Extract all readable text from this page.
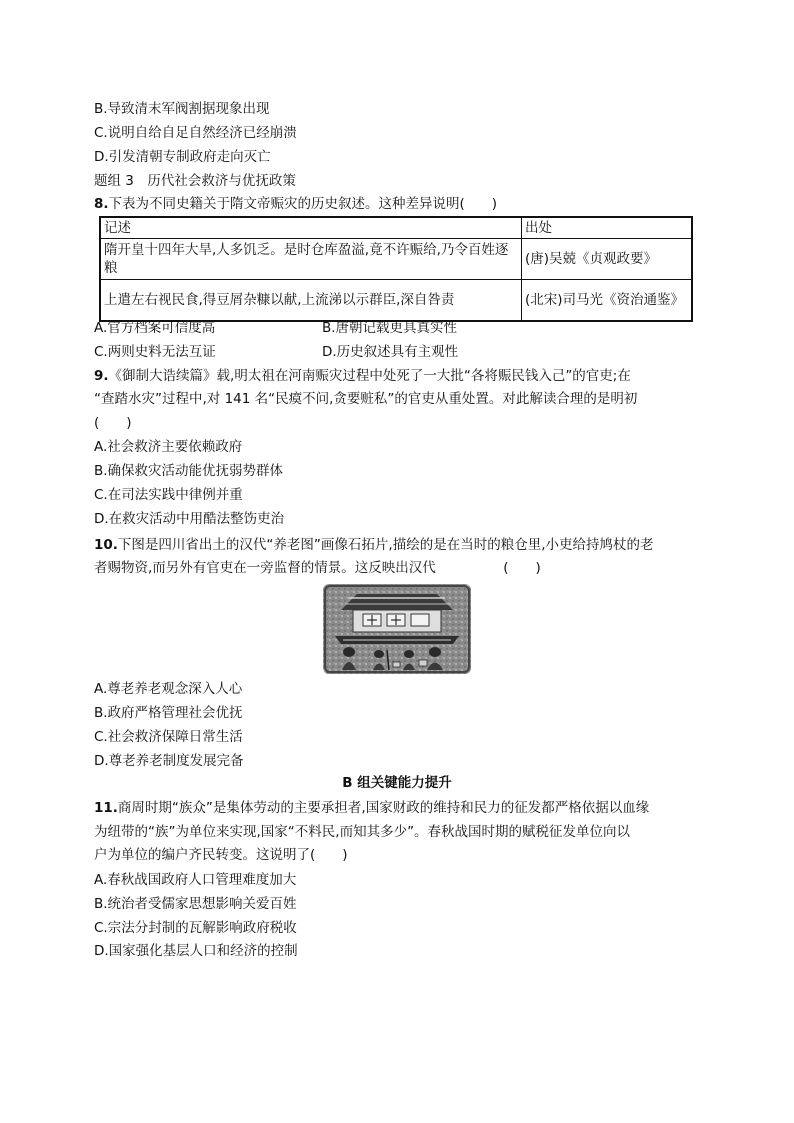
B.导致清末军阀割据现象出现
C.说明自给自足自然经济已经崩溃
D.引发清朝专制政府走向灭亡
题组 3　历代社会救济与优抚政策
8.下表为不同史籍关于隋文帝赈灾的历史叙述。这种差异说明(　　)
记述	出处
隋开皇十四年大旱,人多饥乏。是时仓库盈溢,竟不许赈给,乃令百姓逐粮	(唐)吴兢《贞观政要》
上遣左右视民食,得豆屑杂糠以献,上流涕以示群臣,深自咎责	(北宋)司马光《资治通鉴》
A.官方档案可信度高	B.唐朝记载更具真实性
C.两则史料无法互证	D.历史叙述具有主观性
9.《御制大诰续篇》载,明太祖在河南赈灾过程中处死了一大批“各将赈民钱入己”的官吏;在
“查踏水灾”过程中,对 141 名“民瘼不问,贪要赃私”的官吏从重处置。对此解读合理的是明初
(　　)
A.社会救济主要依赖政府
B.确保救灾活动能优抚弱势群体
C.在司法实践中律例并重
D.在救灾活动中用酷法整饬吏治
10.下图是四川省出土的汉代“养老图”画像石拓片,描绘的是在当时的粮仓里,小吏给持鸠杖的老
者赐物资,而另外有官吏在一旁监督的情景。这反映出汉代　　　　　(　　)
A.尊老养老观念深入人心
B.政府严格管理社会优抚
C.社会救济保障日常生活
D.尊老养老制度发展完备
B 组关键能力提升
11.商周时期“族众”是集体劳动的主要承担者,国家财政的维持和民力的征发都严格依据以血缘
为纽带的“族”为单位来实现,国家“不料民,而知其多少”。春秋战国时期的赋税征发单位向以
户为单位的编户齐民转变。这说明了(　　)
A.春秋战国政府人口管理难度加大
B.统治者受儒家思想影响关爱百姓
C.宗法分封制的瓦解影响政府税收
D.国家强化基层人口和经济的控制
